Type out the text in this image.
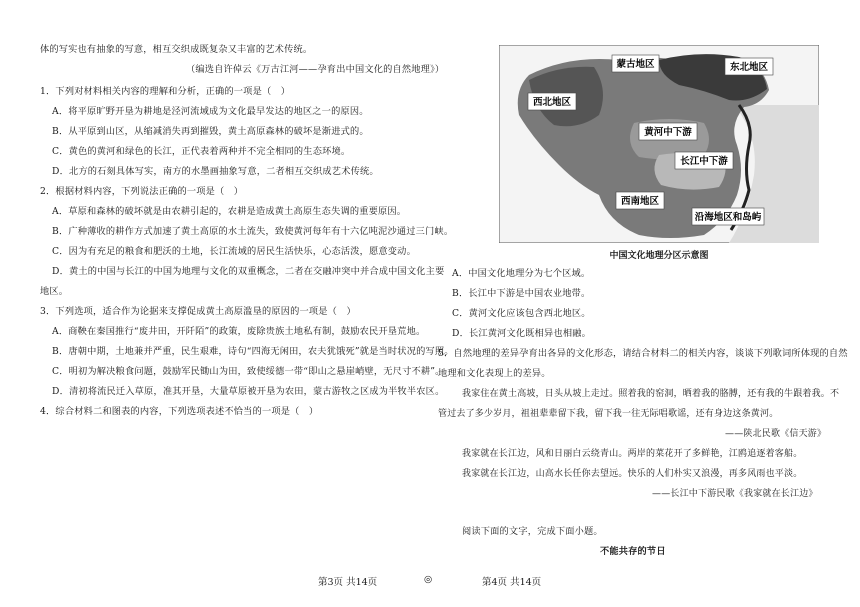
体的写实也有抽象的写意，相互交织成既复杂又丰富的艺术传统。
（编选自许倬云《万古江河——孕育出中国文化的自然地理》）
1．下列对材料相关内容的理解和分析，正确的一项是（　）
A．将平原旷野开垦为耕地是泾河流域成为文化最早发达的地区之一的原因。
B．从平原到山区，从缩减消失再到摧毁，黄土高原森林的破坏是渐进式的。
C．黄色的黄河和绿色的长江，正代表着两种并不完全相同的生态环境。
D．北方的石刻具体写实，南方的水墨画抽象写意，二者相互交织成艺术传统。
2．根据材料内容，下列说法正确的一项是（　）
A．草原和森林的破坏就是由农耕引起的，农耕是造成黄土高原生态失调的重要原因。
B．广种薄收的耕作方式加速了黄土高原的水土流失，致使黄河每年有十六亿吨泥沙通过三门峡。
C．因为有充足的粮食和肥沃的土地，长江流域的居民生活快乐，心态活泼，愿意变动。
D．黄土的中国与长江的中国为地理与文化的双重概念，二者在交融冲突中并合成中国文化主要
地区。
3．下列选项，适合作为论据来支撑促成黄土高原滥垦的原因的一项是（　）
A．商鞅在秦国推行“废井田，开阡陌”的政策，废除贵族土地私有制，鼓励农民开垦荒地。
B．唐朝中期，土地兼并严重，民生艰难，诗句“四海无闲田，农夫犹饿死”就是当时状况的写照。
C．明初为解决粮食问题，鼓励军民锄山为田，致使绥德一带“即山之悬崖峭壁，无尺寸不耕”。
D．清初将流民迁入草原，准其开垦，大量草原被开垦为农田，蒙古游牧之区成为半牧半农区。
4．综合材料二和图表的内容，下列选项表述不恰当的一项是（　）
第3页 共14页	◎
蒙古地区	东北地区
西北地区
黄河中下游
长江中下游
西南地区
沿海地区和岛屿
中国文化地理分区示意图
A．中国文化地理分为七个区域。
B．长江中下游是中国农业地带。
C．黄河文化应该包含西北地区。
D．长江黄河文化既相异也相融。
5．自然地理的差异孕育出各异的文化形态，请结合材料二的相关内容，谈谈下列歌词所体现的自然
地理和文化表现上的差异。
我家住在黄土高坡，日头从坡上走过。照着我的窑洞，晒着我的胳膊，还有我的牛跟着我。不
管过去了多少岁月，祖祖辈辈留下我，留下我一往无际唱歌谣，还有身边这条黄河。
——陕北民歌《信天游》
我家就在长江边，风和日丽白云绕青山。两岸的菜花开了多鲜艳，江鸥追逐着客船。
我家就在长江边，山高水长任你去望远。快乐的人们朴实又浪漫，再多风雨也平淡。
——长江中下游民歌《我家就在长江边》
阅读下面的文字，完成下面小题。
不能共存的节日
第4页 共14页
